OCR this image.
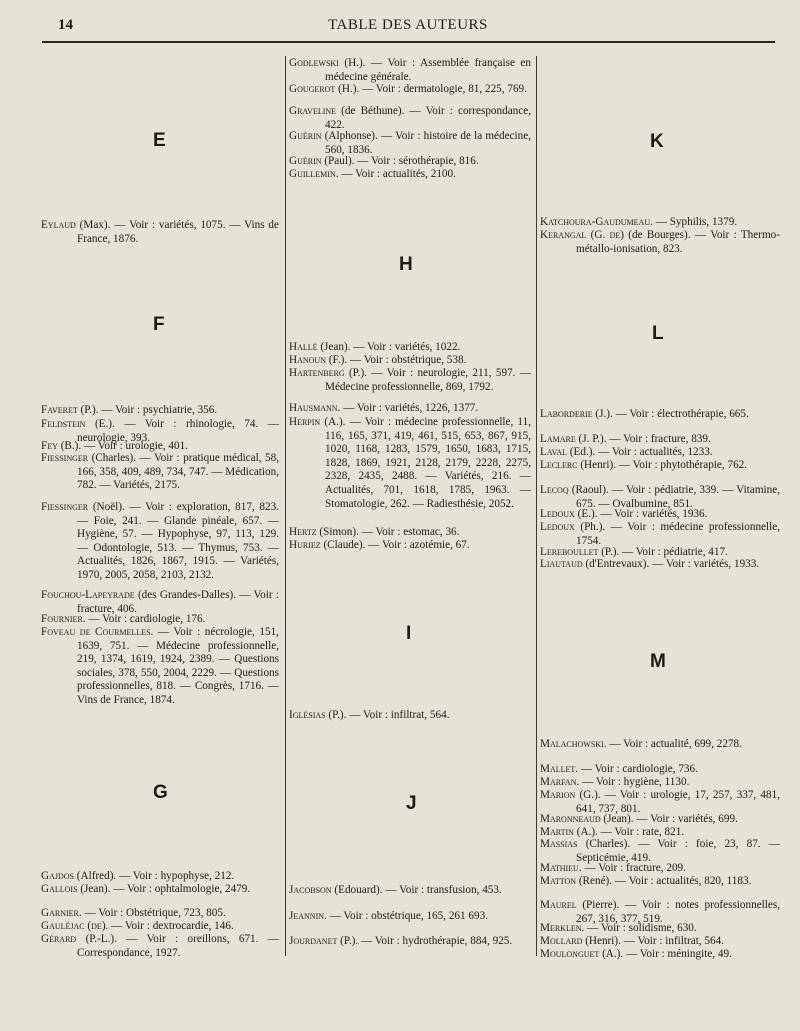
14	TABLE DES AUTEURS
E
Eylaud (Max). — Voir : variétés, 1075. — Vins de France, 1876.
F
Faveret (P.). — Voir : psychiatrie, 356.
Feldstein (E.). — Voir : rhinologie, 74. — neurologie, 393.
Fey (B.). — Voir : urologie, 401.
Fiessinger (Charles). — Voir : pratique médical, 58, 166, 358, 409, 489, 734, 747. — Médication, 782. — Variétés, 2175.
Fiessinger (Noël). — Voir : exploration, 817, 823. — Foie, 241. — Glande pinéale, 657. — Hygiène, 57. — Hypophyse, 97, 113, 129. — Odontologie, 513. — Thymus, 753. — Actualités, 1826, 1867, 1915. — Variétés, 1970, 2005, 2058, 2103, 2132.
Fouchou-Lapeyrade (des Grandes-Dalles). — Voir : fracture, 406.
Fournier. — Voir : cardiologie, 176.
Foveau de Courmelles. — Voir : nécrologie, 151, 1639, 751. — Médecine professionnelle, 219, 1374, 1619, 1924, 2389. — Questions sociales, 378, 550, 2004, 2229. — Questions professionnelles, 818. — Congrès, 1716. — Vins de France, 1874.
G
Gajdos (Alfred). — Voir : hypophyse, 212.
Gallois (Jean). — Voir : ophtalmologie, 2479.
Garnier. — Voir : Obstétrique, 723, 805.
Gauléjac (de). — Voir : dextrocardie, 146.
Gérard (P.-L.). — Voir : oreillons, 671. — Correspondance, 1927.
Godlewski (H.). — Voir : Assemblée française en médecine générale.
Gougerot (H.). — Voir : dermatologie, 81, 225, 769.
Graveline (de Béthune). — Voir : correspondance, 422.
Guérin (Alphonse). — Voir : histoire de la médecine, 560, 1836.
Guérin (Paul). — Voir : sérothérapie, 816.
Guillemin. — Voir : actualités, 2100.
H
Hallé (Jean). — Voir : variétés, 1022.
Hanoun (F.). — Voir : obstétrique, 538.
Hartenberg (P.). — Voir : neurologie, 211, 597. — Médecine professionnelle, 869, 1792.
Hausmann. — Voir : variétés, 1226, 1377.
Herpin (A.). — Voir : médecine professionnelle, 11, 116, 165, 371, 419, 461, 515, 653, 867, 915, 1020, 1168, 1283, 1579, 1650, 1683, 1715, 1828, 1869, 1921, 2128, 2179, 2228, 2275, 2328, 2435, 2488. — Variétés, 216. — Actualités, 701, 1618, 1785, 1963. — Stomatologie, 262. — Radiesthésie, 2052.
Hertz (Simon). — Voir : estomac, 36.
Huriez (Claude). — Voir : azotémie, 67.
I
Iglésias (P.). — Voir : infiltrat, 564.
J
Jacobson (Edouard). — Voir : transfusion, 453.
Jeannin. — Voir : obstétrique, 165, 261 693.
Jourdanet (P.). — Voir : hydrothérapie, 884, 925.
K
Katchoura-Gaudumeau. — Syphilis, 1379.
Kerangal (G. de) (de Bourges). — Voir : Thermo-métallo-ionisation, 823.
L
Laborderie (J.). — Voir : électrothérapie, 665.
Lamare (J. P.). — Voir : fracture, 839.
Laval (Ed.). — Voir : actualités, 1233.
Leclerc (Henri). — Voir : phytothérapie, 762.
Lecoq (Raoul). — Voir : pédiatrie, 339. — Vitamine, 675. — Ovalbumine, 851.
Ledoux (E.). — Voir : variétés, 1936.
Ledoux (Ph.). — Voir : médecine professionnelle, 1754.
Lereboullet (P.). — Voir : pédiatrie, 417.
Liautaud (d'Entrevaux). — Voir : variétés, 1933.
M
Malachowski. — Voir : actualité, 699, 2278.
Mallet. — Voir : cardiologie, 736.
Marfan. — Voir : hygiène, 1130.
Marion (G.). — Voir : urologie, 17, 257, 337, 481, 641, 737, 801.
Maronneaud (Jean). — Voir : variétés, 699.
Martin (A.). — Voir : rate, 821.
Massias (Charles). — Voir : foie, 23, 87. — Septicémie, 419.
Mathieu. — Voir : fracture, 209.
Matton (René). — Voir : actualités, 820, 1183.
Maurel (Pierre). — Voir : notes professionnelles, 267, 316, 377, 519.
Merklen. — Voir : solidisme, 630.
Mollard (Henri). — Voir : infiltrat, 564.
Moulonguet (A.). — Voir : méningite, 49.
